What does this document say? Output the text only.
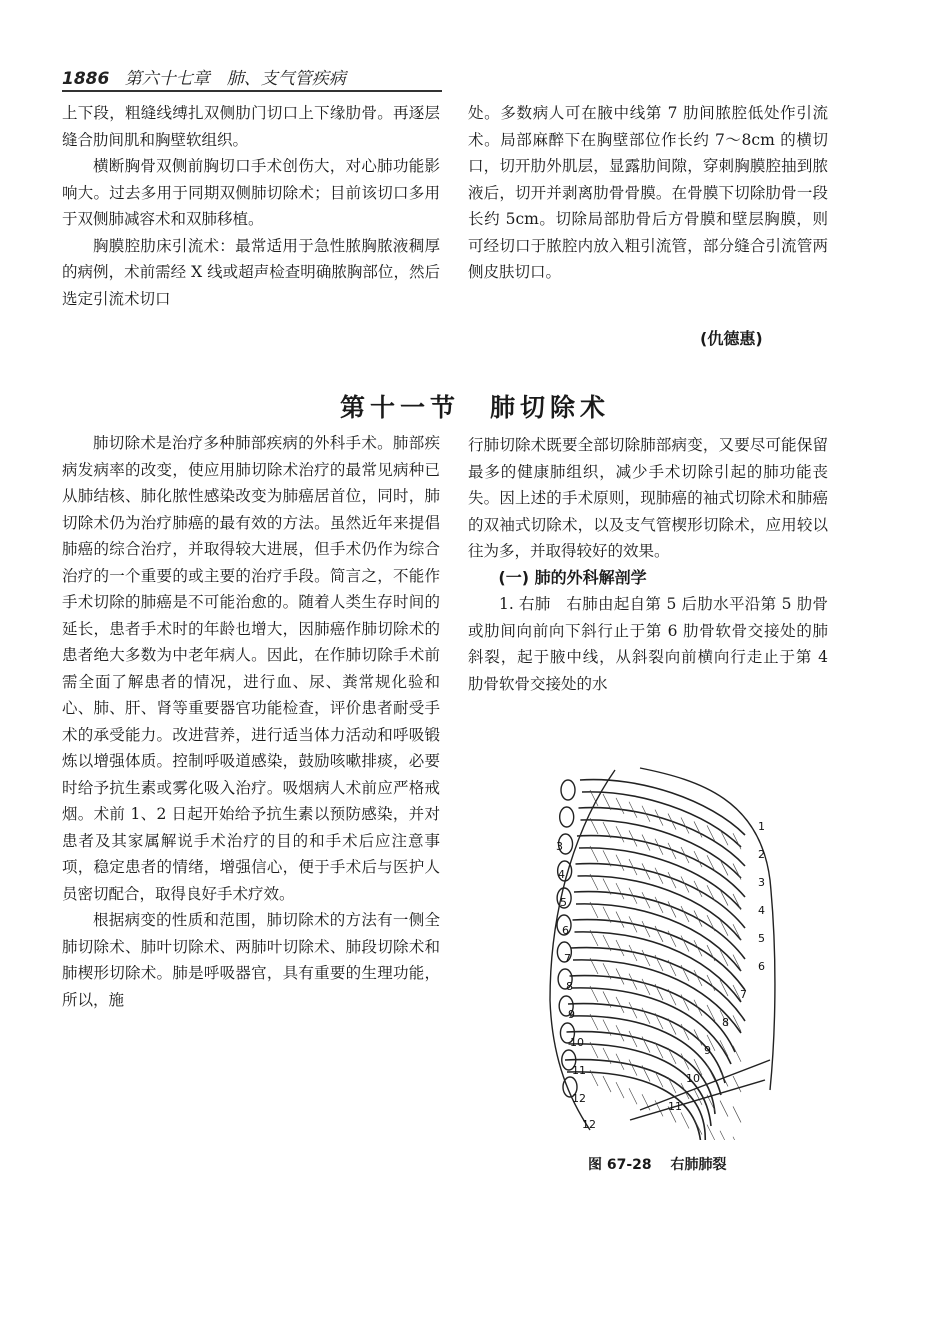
1886 第六十七章　肺、支气管疾病

上下段，粗缝线缚扎双侧肋门切口上下缘肋骨。再逐层缝合肋间肌和胸壁软组织。

横断胸骨双侧前胸切口手术创伤大，对心肺功能影响大。过去多用于同期双侧肺切除术；目前该切口多用于双侧肺减容术和双肺移植。

胸膜腔肋床引流术：最常适用于急性脓胸脓液稠厚的病例，术前需经 X 线或超声检查明确脓胸部位，然后选定引流术切口

处。多数病人可在腋中线第 7 肋间脓腔低处作引流术。局部麻醉下在胸壁部位作长约 7～8cm 的横切口，切开肋外肌层，显露肋间隙，穿刺胸膜腔抽到脓液后，切开并剥离肋骨骨膜。在骨膜下切除肋骨一段长约 5cm。切除局部肋骨后方骨膜和壁层胸膜，则可经切口于脓腔内放入粗引流管，部分缝合引流管两侧皮肤切口。

(仇德惠)
第十一节　肺切除术

肺切除术是治疗多种肺部疾病的外科手术。肺部疾病发病率的改变，使应用肺切除术治疗的最常见病种已从肺结核、肺化脓性感染改变为肺癌居首位，同时，肺切除术仍为治疗肺癌的最有效的方法。虽然近年来提倡肺癌的综合治疗，并取得较大进展，但手术仍作为综合治疗的一个重要的或主要的治疗手段。简言之，不能作手术切除的肺癌是不可能治愈的。随着人类生存时间的延长，患者手术时的年龄也增大，因肺癌作肺切除术的患者绝大多数为中老年病人。因此，在作肺切除手术前需全面了解患者的情况，进行血、尿、粪常规化验和心、肺、肝、肾等重要器官功能检查，评价患者耐受手术的承受能力。改进营养，进行适当体力活动和呼吸锻炼以增强体质。控制呼吸道感染，鼓励咳嗽排痰，必要时给予抗生素或雾化吸入治疗。吸烟病人术前应严格戒烟。术前 1、2 日起开始给予抗生素以预防感染，并对患者及其家属解说手术治疗的目的和手术后应注意事项，稳定患者的情绪，增强信心，便于手术后与医护人员密切配合，取得良好手术疗效。

根据病变的性质和范围，肺切除术的方法有一侧全肺切除术、肺叶切除术、两肺叶切除术、肺段切除术和肺楔形切除术。肺是呼吸器官，具有重要的生理功能，所以，施

行肺切除术既要全部切除肺部病变，又要尽可能保留最多的健康肺组织，减少手术切除引起的肺功能丧失。因上述的手术原则，现肺癌的袖式切除术和肺癌的双袖式切除术，以及支气管楔形切除术，应用较以往为多，并取得较好的效果。

(一) 肺的外科解剖学

1. 右肺　右肺由起自第 5 后肋水平沿第 5 肋骨或肋间向前向下斜行止于第 6 肋骨软骨交接处的肺斜裂，起于腋中线，从斜裂向前横向行走止于第 4 肋骨软骨交接处的水

1
2
3
4
5
6
7
8
9
10
11
3
4
5
6
7
8
9
10
11
12
12
图 67-28 右肺肺裂
